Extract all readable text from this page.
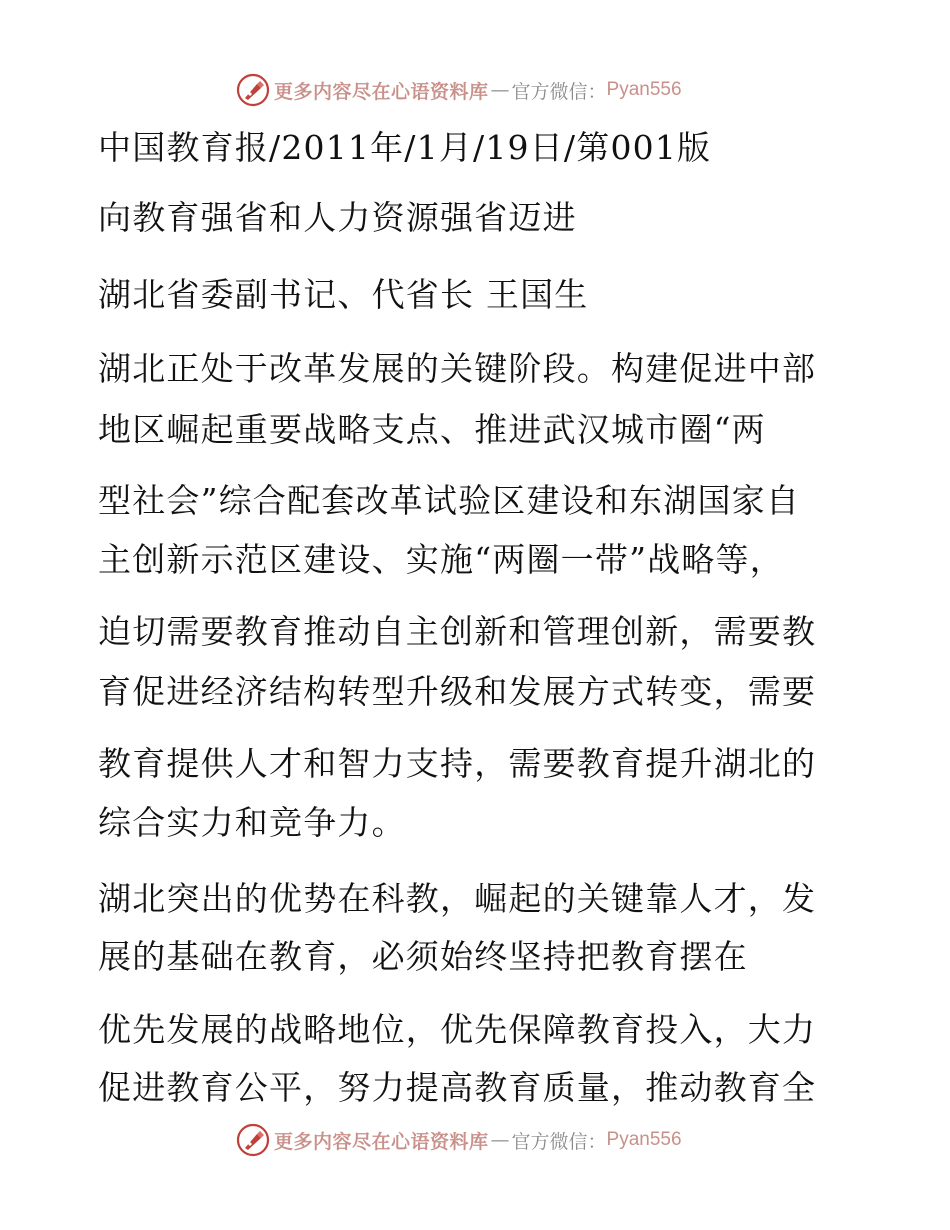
更多内容尽在心语资料库 — 官方微信： Pyan556
中国教育报/2011年/1月/19日/第001版
向教育强省和人力资源强省迈进
湖北省委副书记、代省长 王国生
湖北正处于改革发展的关键阶段。构建促进中部
地区崛起重要战略支点、推进武汉城市圈“两
型社会”综合配套改革试验区建设和东湖国家自
主创新示范区建设、实施“两圈一带”战略等，
迫切需要教育推动自主创新和管理创新，需要教
育促进经济结构转型升级和发展方式转变，需要
教育提供人才和智力支持，需要教育提升湖北的
综合实力和竞争力。
湖北突出的优势在科教，崛起的关键靠人才，发
展的基础在教育，必须始终坚持把教育摆在
优先发展的战略地位，优先保障教育投入，大力
促进教育公平，努力提高教育质量，推动教育全
更多内容尽在心语资料库 — 官方微信： Pyan556
